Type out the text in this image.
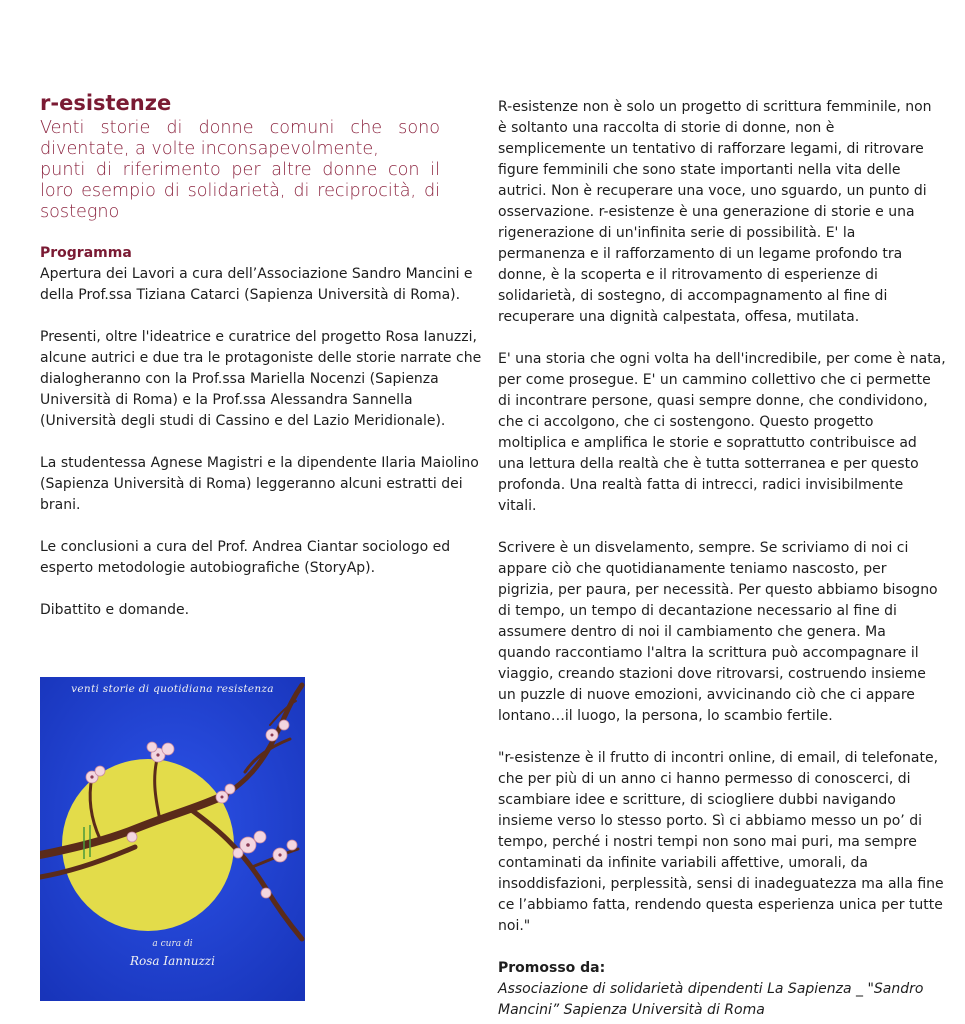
r-esistenze

Venti storie di donne comuni che sono
diventate, a volte inconsapevolmente,
punti di riferimento per altre donne con il
loro esempio di solidarietà, di reciprocità, di
sostegno

Programma

Apertura dei Lavori a cura dell’Associazione Sandro Mancini e
della Prof.ssa Tiziana Catarci (Sapienza Università di Roma).

Presenti, oltre l'ideatrice e curatrice del progetto Rosa Ianuzzi,
alcune autrici e due tra le protagoniste delle storie narrate che
dialogheranno con la Prof.ssa Mariella Nocenzi (Sapienza
Università di Roma) e la Prof.ssa Alessandra Sannella
(Università degli studi di Cassino e del Lazio Meridionale).

La studentessa Agnese Magistri e la dipendente Ilaria Maiolino
(Sapienza Università di Roma) leggeranno alcuni estratti dei
brani.

Le conclusioni a cura del Prof. Andrea Ciantar sociologo ed
esperto metodologie autobiografiche (StoryAp).

Dibattito e domande.

venti storie di quotidiana resistenza
a cura di
Rosa Iannuzzi

R-esistenze non è solo un progetto di scrittura femminile, non
è soltanto una raccolta di storie di donne, non è
semplicemente un tentativo di rafforzare legami, di ritrovare
figure femminili che sono state importanti nella vita delle
autrici. Non è recuperare una voce, uno sguardo, un punto di
osservazione. r-esistenze è una generazione di storie e una
rigenerazione di un'infinita serie di possibilità. E' la
permanenza e il rafforzamento di un legame profondo tra
donne, è la scoperta e il ritrovamento di esperienze di
solidarietà, di sostegno, di accompagnamento al fine di
recuperare una dignità calpestata, offesa, mutilata.

E' una storia che ogni volta ha dell'incredibile, per come è nata,
per come prosegue. E' un cammino collettivo che ci permette
di incontrare persone, quasi sempre donne, che condividono,
che ci accolgono, che ci sostengono. Questo progetto
moltiplica e amplifica le storie e soprattutto contribuisce ad
una lettura della realtà che è tutta sotterranea e per questo
profonda. Una realtà fatta di intrecci, radici invisibilmente
vitali.

Scrivere è un disvelamento, sempre. Se scriviamo di noi ci
appare ciò che quotidianamente teniamo nascosto, per
pigrizia, per paura, per necessità. Per questo abbiamo bisogno
di tempo, un tempo di decantazione necessario al fine di
assumere dentro di noi il cambiamento che genera. Ma
quando raccontiamo l'altra la scrittura può accompagnare il
viaggio, creando stazioni dove ritrovarsi, costruendo insieme
un puzzle di nuove emozioni, avvicinando ciò che ci appare
lontano…il luogo, la persona, lo scambio fertile.

"r-esistenze è il frutto di incontri online, di email, di telefonate,
che per più di un anno ci hanno permesso di conoscerci, di
scambiare idee e scritture, di sciogliere dubbi navigando
insieme verso lo stesso porto. Sì ci abbiamo messo un po’ di
tempo, perché i nostri tempi non sono mai puri, ma sempre
contaminati da infinite variabili affettive, umorali, da
insoddisfazioni, perplessità, sensi di inadeguatezza ma alla fine
ce l’abbiamo fatta, rendendo questa esperienza unica per tutte
noi."

Promosso da:

Associazione di solidarietà dipendenti La Sapienza _ "Sandro
Mancini” Sapienza Università di Roma
